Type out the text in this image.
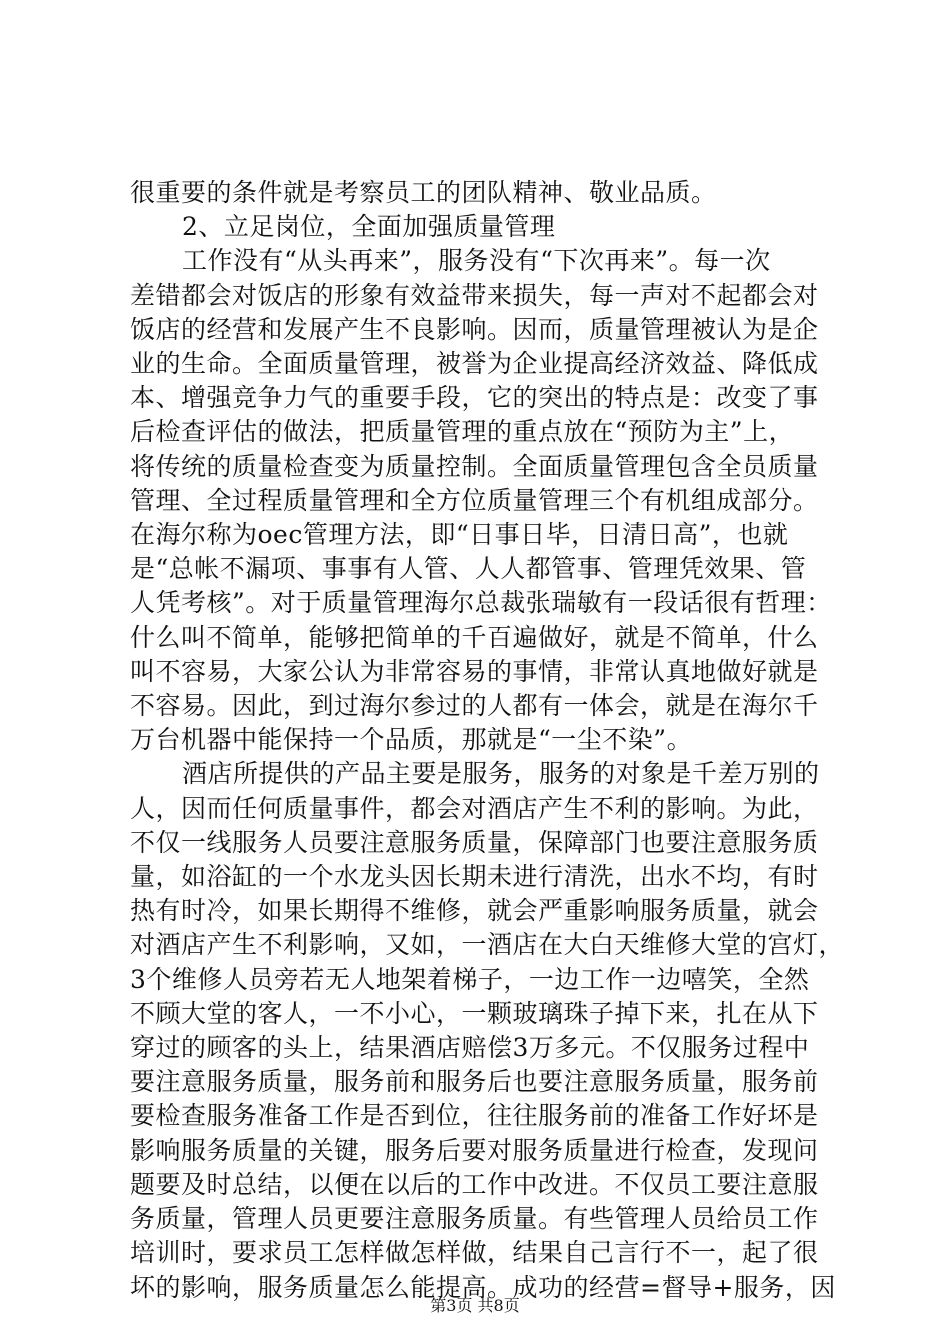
很重要的条件就是考察员工的团队精神、敬业品质。
2、立足岗位，全面加强质量管理
工作没有“从头再来”，服务没有“下次再来”。每一次
差错都会对饭店的形象有效益带来损失，每一声对不起都会对
饭店的经营和发展产生不良影响。因而，质量管理被认为是企
业的生命。全面质量管理，被誉为企业提高经济效益、降低成
本、增强竞争力气的重要手段，它的突出的特点是：改变了事
后检查评估的做法，把质量管理的重点放在“预防为主”上，
将传统的质量检查变为质量控制。全面质量管理包含全员质量
管理、全过程质量管理和全方位质量管理三个有机组成部分。
在海尔称为oec管理方法，即“日事日毕，日清日高”，也就
是“总帐不漏项、事事有人管、人人都管事、管理凭效果、管
人凭考核”。对于质量管理海尔总裁张瑞敏有一段话很有哲理：
什么叫不简单，能够把简单的千百遍做好，就是不简单，什么
叫不容易，大家公认为非常容易的事情，非常认真地做好就是
不容易。因此，到过海尔参过的人都有一体会，就是在海尔千
万台机器中能保持一个品质，那就是“一尘不染”。
酒店所提供的产品主要是服务，服务的对象是千差万别的
人，因而任何质量事件，都会对酒店产生不利的影响。为此，
不仅一线服务人员要注意服务质量，保障部门也要注意服务质
量，如浴缸的一个水龙头因长期未进行清洗，出水不均，有时
热有时冷，如果长期得不维修，就会严重影响服务质量，就会
对酒店产生不利影响，又如，一酒店在大白天维修大堂的宫灯，
3个维修人员旁若无人地架着梯子，一边工作一边嘻笑，全然
不顾大堂的客人，一不小心，一颗玻璃珠子掉下来，扎在从下
穿过的顾客的头上，结果酒店赔偿3万多元。不仅服务过程中
要注意服务质量，服务前和服务后也要注意服务质量，服务前
要检查服务准备工作是否到位，往往服务前的准备工作好坏是
影响服务质量的关键，服务后要对服务质量进行检查，发现问
题要及时总结，以便在以后的工作中改进。不仅员工要注意服
务质量，管理人员更要注意服务质量。有些管理人员给员工作
培训时，要求员工怎样做怎样做，结果自己言行不一，起了很
坏的影响，服务质量怎么能提高。成功的经营=督导+服务，因
第3页 共8页
